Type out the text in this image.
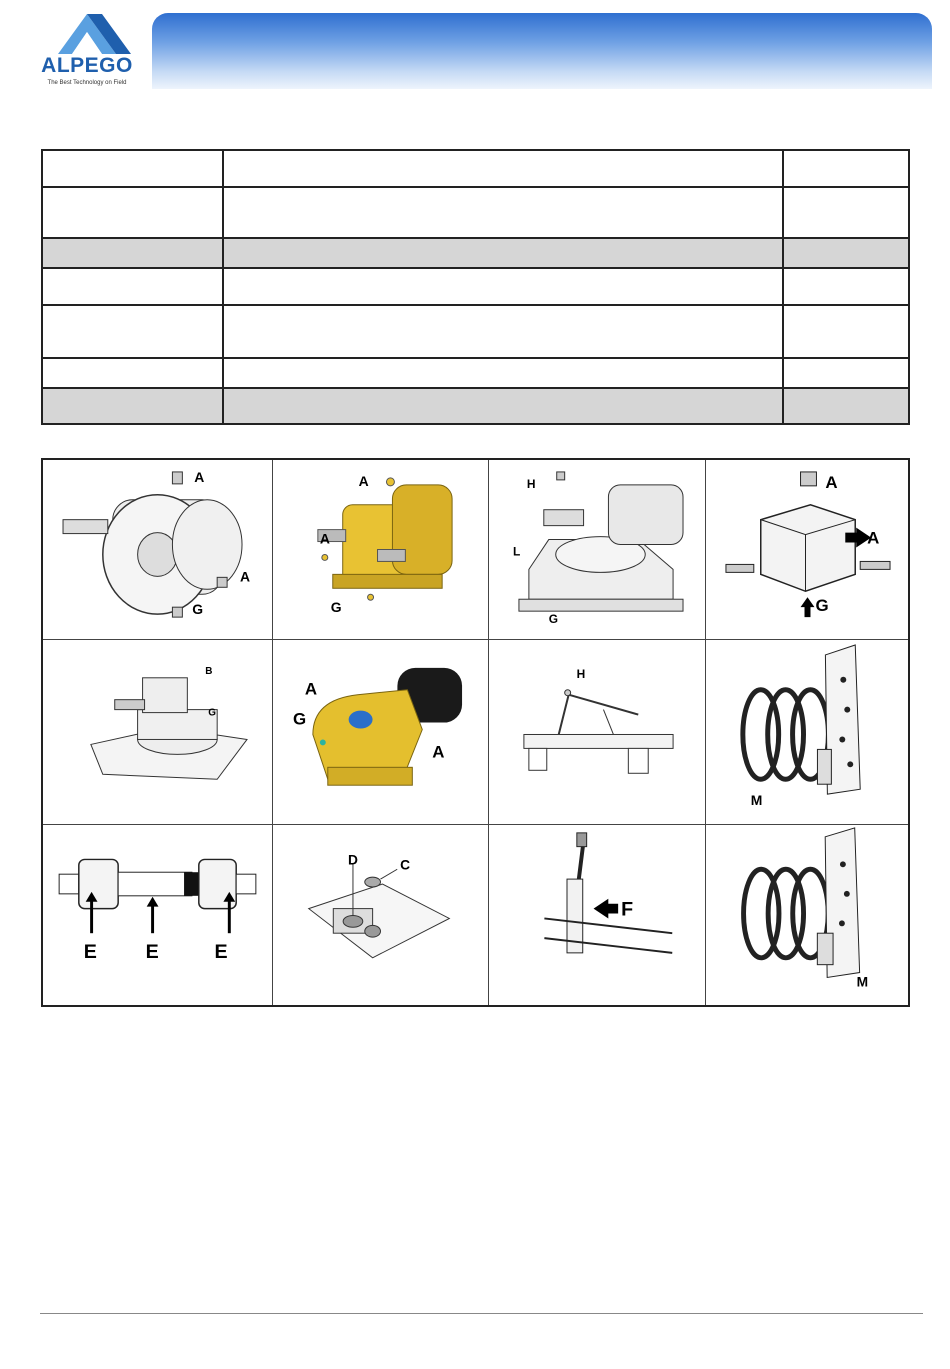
ALPEGO
The Best Technology on Field

A
A
G
A
A
G
H
L
G
A
A
G
B
G
A
G
A
H
M
E E	E
D	C
F
M
